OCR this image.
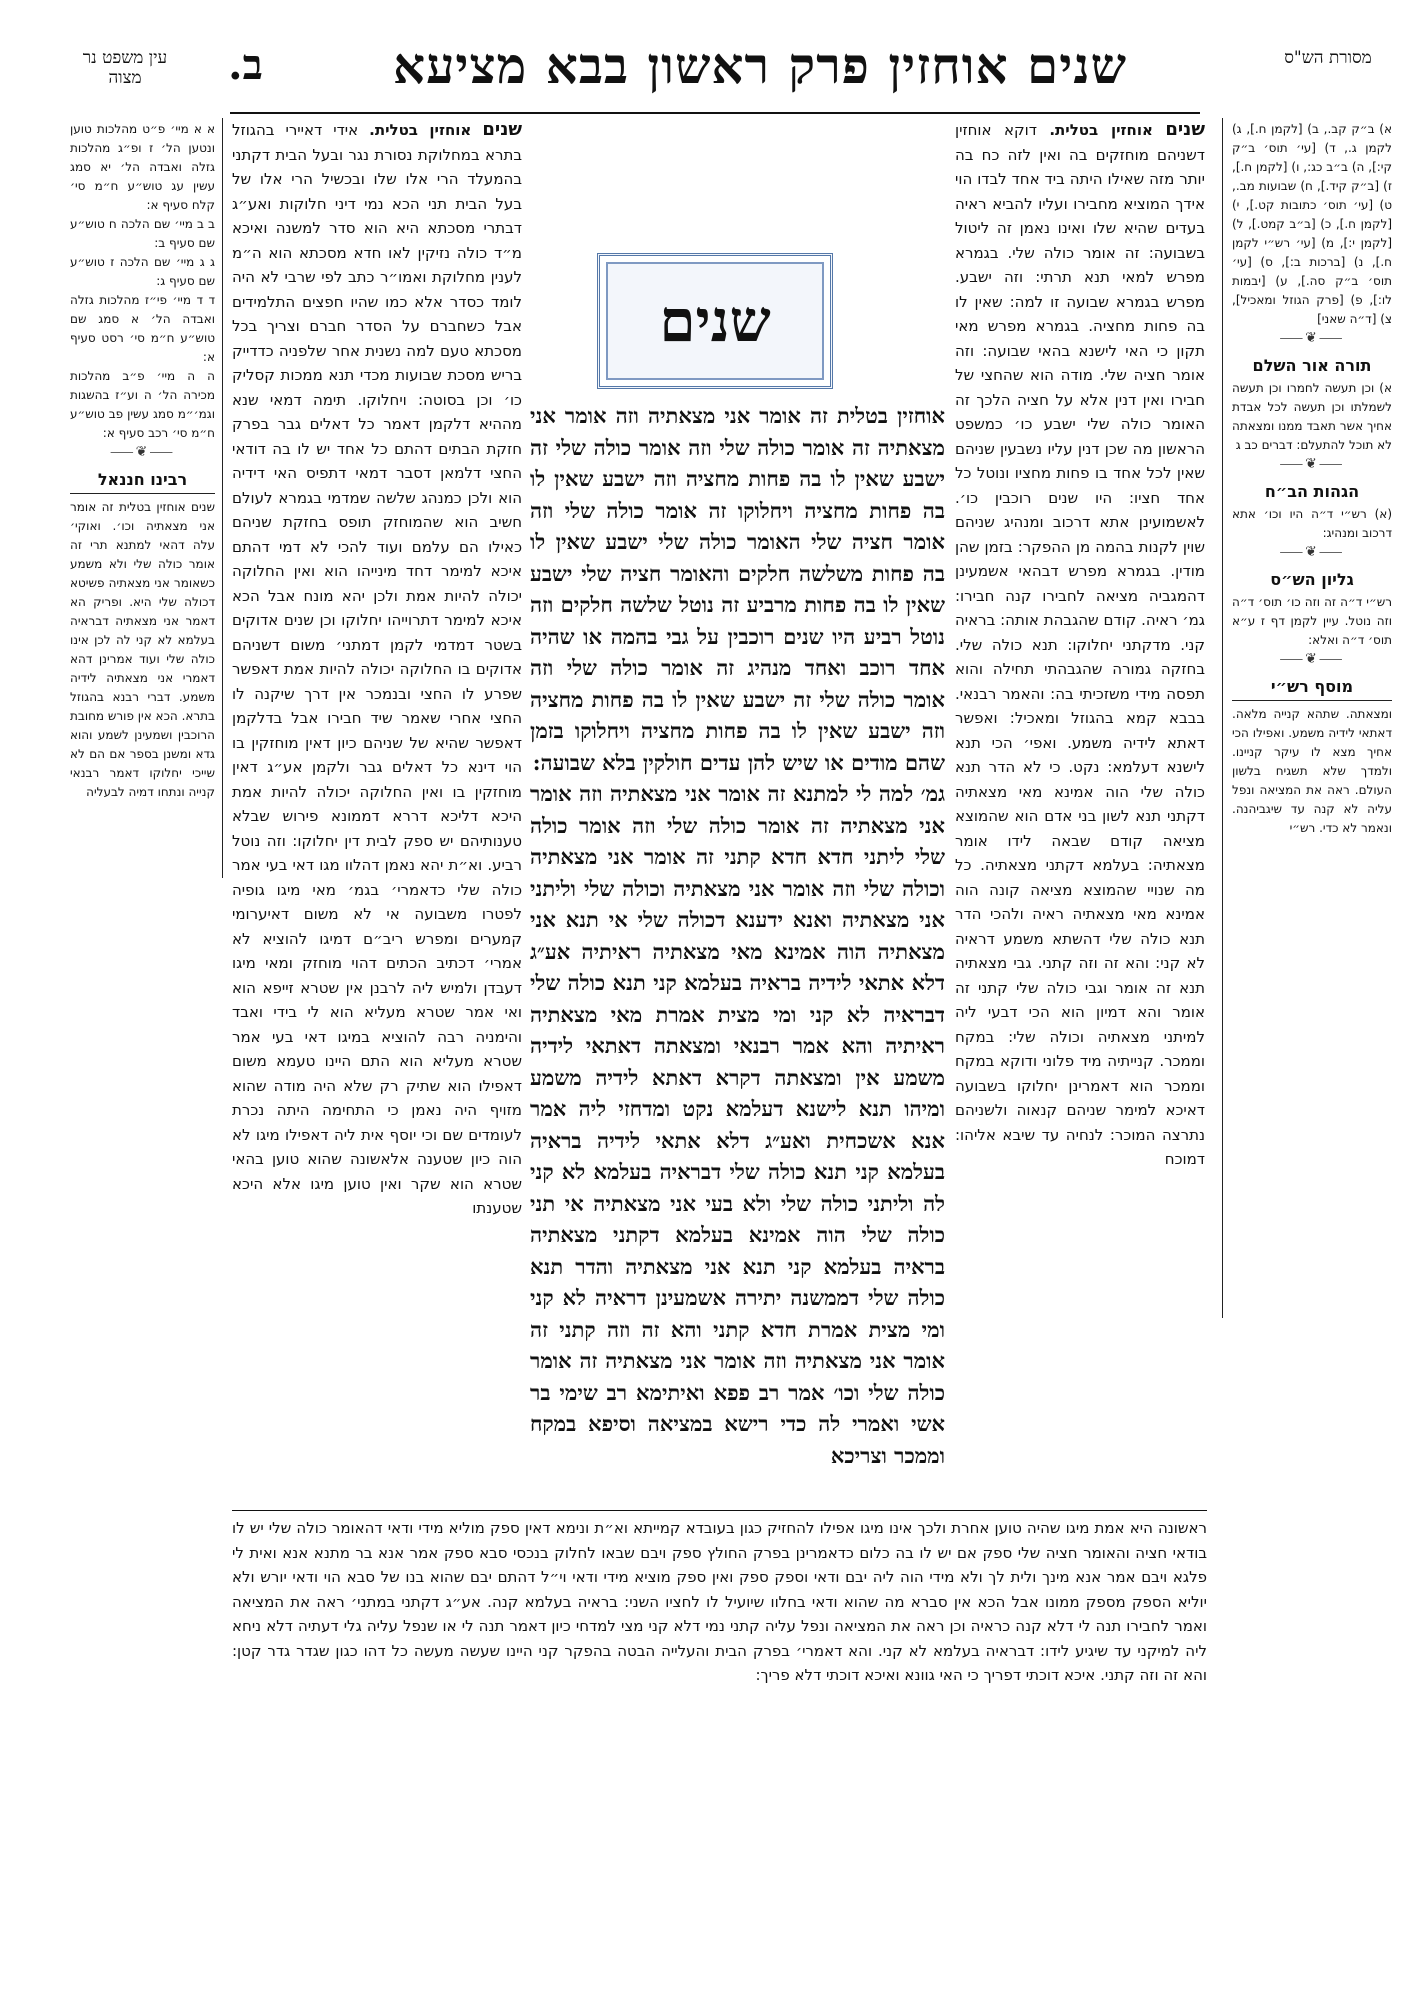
מסורת הש"ס
שנים אוחזין פרק ראשון בבא מציעא
ב.
עין משפט נר מצוה
שנים

שנים אוחזין בטלית. דוקא אוחזין דשניהם מוחזקים בה ואין לזה כח בה יותר מזה שאילו היתה ביד אחד לבדו הוי אידך המוציא מחבירו ועליו להביא ראיה בעדים שהיא שלו ואינו נאמן זה ליטול בשבועה: זה אומר כולה שלי. בגמרא מפרש למאי תנא תרתי: וזה ישבע. מפרש בגמרא שבועה זו למה: שאין לו בה פחות מחציה. בגמרא מפרש מאי תקון כי האי לישנא בהאי שבועה: וזה אומר חציה שלי. מודה הוא שהחצי של חבירו ואין דנין אלא על חציה הלכך זה האומר כולה שלי ישבע כו׳ כמשפט הראשון מה שכן דנין עליו נשבעין שניהם שאין לכל אחד בו פחות מחציו ונוטל כל אחד חציו: היו שנים רוכבין כו׳. לאשמועינן אתא דרכוב ומנהיג שניהם שוין לקנות בהמה מן ההפקר: בזמן שהן מודין. בגמרא מפרש דבהאי אשמעינן דהמגביה מציאה לחבירו קנה חבירו: גמ׳ ראיה. קודם שהגבהת אותה: בראיה קני. מדקתני יחלוקו: תנא כולה שלי. בחזקה גמורה שהגבהתי תחילה והוא תפסה מידי משזכיתי בה: והאמר רבנאי. בבבא קמא בהגוזל ומאכיל: ואפשר דאתא לידיה משמע. ואפי׳ הכי תנא לישנא דעלמא: נקט. כי לא הדר תנא כולה שלי הוה אמינא מאי מצאתיה דקתני תנא לשון בני אדם הוא שהמוצא מציאה קודם שבאה לידו אומר מצאתיה: בעלמא דקתני מצאתיה. כל מה שנויי שהמוצא מציאה קונה הוה אמינא מאי מצאתיה ראיה ולהכי הדר תנא כולה שלי דהשתא משמע דראיה לא קני: והא זה וזה קתני. גבי מצאתיה תנא זה אומר וגבי כולה שלי קתני זה אומר והא דמיון הוא הכי דבעי ליה למיתני מצאתיה וכולה שלי: במקח וממכר. קנייתיה מיד פלוני ודוקא במקח וממכר הוא דאמרינן יחלוקו בשבועה דאיכא למימר שניהם קנאוה ולשניהם נתרצה המוכר: לנחיה עד שיבא אליהו: דמוכח

שנים אוחזין בטלית. אידי דאיירי בהגוזל בתרא במחלוקת נסורת נגר ובעל הבית דקתני בהמעלד הרי אלו שלו ובכשיל הרי אלו של בעל הבית תני הכא נמי דיני חלוקות ואע״ג דבתרי מסכתא היא הוא סדר למשנה ואיכא מ״ד כולה נזיקין לאו חדא מסכתא הוא ה״מ לענין מחלוקת ואמו״ר כתב לפי שרבי לא היה לומד כסדר אלא כמו שהיו חפצים התלמידים אבל כשחברם על הסדר חברם וצריך בכל מסכתא טעם למה נשנית אחר שלפניה כדדייק בריש מסכת שבועות מכדי תנא ממכות קסליק כו׳ וכן בסוטה: ויחלוקו. תימה דמאי שנא מההיא דלקמן דאמר כל דאלים גבר בפרק חזקת הבתים דהתם כל אחד יש לו בה דודאי החצי דלמאן דסבר דמאי דתפיס האי דידיה הוא ולכן כמנהג שלשה שמדמי בגמרא לעולם חשיב הוא שהמוחזק תופס בחזקת שניהם כאילו הם עלמם ועוד להכי לא דמי דהתם איכא למימר דחד מינייהו הוא ואין החלוקה יכולה להיות אמת ולכן יהא מונח אבל הכא איכא למימר דתרוייהו יחלוקו וכן שנים אדוקים בשטר דמדמי לקמן דמתני׳ משום דשניהם אדוקים בו החלוקה יכולה להיות אמת דאפשר שפרע לו החצי ובנמכר אין דרך שיקנה לו החצי אחרי שאמר שיד חבירו אבל בדלקמן דאפשר שהיא של שניהם כיון דאין מוחזקין בו הוי דינא כל דאלים גבר ולקמן אע״ג דאין מוחזקין בו ואין החלוקה יכולה להיות אמת היכא דליכא דררא דממונא פירוש שבלא טענותיהם יש ספק לבית דין יחלוקו: וזה נוטל רביע. וא״ת יהא נאמן דהלוו מגו דאי בעי אמר כולה שלי כדאמרי׳ בגמ׳ מאי מיגו גופיה לפטרו משבועה אי לא משום דאיערומי קמערים ומפרש ריב״ם דמיגו להוציא לא אמרי׳ דכתיב הכתים דהוי מוחזק ומאי מיגו דעבדן ולמיש ליה לרבנן אין שטרא זייפא הוא ואי אמר שטרא מעליא הוא לי בידי ואבד והימניה רבה להוציא במיגו דאי בעי אמר שטרא מעליא הוא התם היינו טעמא משום דאפילו הוא שתיק רק שלא היה מודה שהוא מזויף היה נאמן כי התחימה היתה נכרת לעומדים שם וכי יוסף אית ליה דאפילו מיגו לא הוה כיון שטענה אלאשונה שהוא טוען בהאי שטרא הוא שקר ואין טוען מיגו אלא היכא שטענתו

אוחזין בטלית זה אומר אני מצאתיה וזה אומר אני מצאתיה זה אומר כולה שלי וזה אומר כולה שלי זה ישבע שאין לו בה פחות מחציה וזה ישבע שאין לו בה פחות מחציה ויחלוקו זה אומר כולה שלי וזה אומר חציה שלי האומר כולה שלי ישבע שאין לו בה פחות משלשה חלקים והאומר חציה שלי ישבע שאין לו בה פחות מרביע זה נוטל שלשה חלקים וזה נוטל רביע היו שנים רוכבין על גבי בהמה או שהיה אחד רוכב ואחד מנהיג זה אומר כולה שלי וזה אומר כולה שלי זה ישבע שאין לו בה פחות מחציה וזה ישבע שאין לו בה פחות מחציה ויחלוקו בזמן שהם מודים או שיש להן עדים חולקין בלא שבועה:

גמ׳ למה לי למתנא זה אומר אני מצאתיה וזה אומר אני מצאתיה זה אומר כולה שלי וזה אומר כולה שלי ליתני חדא חדא קתני זה אומר אני מצאתיה וכולה שלי וזה אומר אני מצאתיה וכולה שלי וליתני אני מצאתיה ואנא ידענא דכולה שלי אי תנא אני מצאתיה הוה אמינא מאי מצאתיה ראיתיה אע״ג דלא אתאי לידיה בראיה בעלמא קני תנא כולה שלי דבראיה לא קני ומי מצית אמרת מאי מצאתיה ראיתיה והא אמר רבנאי ומצאתה דאתאי לידיה משמע אין ומצאתה דקרא דאתא לידיה משמע ומיהו תנא לישנא דעלמא נקט ומדחזי ליה אמר אנא אשכחית ואע״ג דלא אתאי לידיה בראיה בעלמא קני תנא כולה שלי דבראיה בעלמא לא קני לה וליתני כולה שלי ולא בעי אני מצאתיה אי תני כולה שלי הוה אמינא בעלמא דקתני מצאתיה בראיה בעלמא קני תנא אני מצאתיה והדר תנא כולה שלי דממשנה יתירה אשמעינן דראיה לא קני ומי מצית אמרת חדא קתני והא זה וזה קתני זה אומר אני מצאתיה וזה אומר אני מצאתיה זה אומר כולה שלי וכו׳ אמר רב פפא ואיתימא רב שימי בר אשי ואמרי לה כדי רישא במציאה וסיפא במקח וממכר וצריכא

ראשונה היא אמת מיגו שהיה טוען אחרת ולכך אינו מיגו אפילו להחזיק כגון בעובדא קמייתא וא״ת ונימא דאין ספק מוליא מידי ודאי דהאומר כולה שלי יש לו בודאי חציה והאומר חציה שלי ספק אם יש לו בה כלום כדאמרינן בפרק החולץ ספק ויבם שבאו לחלוק בנכסי סבא ספק אמר אנא בר מתנא אנא ואית לי פלגא ויבם אמר אנא מינך ולית לך ולא מידי הוה ליה יבם ודאי וספק ספק ואין ספק מוציא מידי ודאי וי״ל דהתם יבם שהוא בנו של סבא הוי ודאי יורש ולא יוליא הספק מספק ממונו אבל הכא אין סברא מה שהוא ודאי בחלוו שיועיל לו לחציו השני: בראיה בעלמא קנה. אע״ג דקתני במתני׳ ראה את המציאה ואמר לחבירו תנה לי דלא קנה כראיה וכן ראה את המציאה ונפל עליה קתני נמי דלא קני מצי למדחי כיון דאמר תנה לי או שנפל עליה גלי דעתיה דלא ניחא ליה למיקני עד שיגיע לידו: דבראיה בעלמא לא קני. והא דאמרי׳ בפרק הבית והעלייה הבטה בהפקר קני היינו שעשה מעשה כל דהו כגון שגדר גדר קטן: והא זה וזה קתני. איכא דוכתי דפריך כי האי גוונא ואיכא דוכתי דלא פריך:

א) ב״ק קב., ב) [לקמן ח.], ג) לקמן ג., ד) [עי׳ תוס׳ ב״ק קי:], ה) ב״ב כג:, ו) [לקמן ח.], ז) [ב״ק קיד.], ח) שבועות מב., ט) [עי׳ תוס׳ כתובות קט.], י) [לקמן ח.], כ) [ב״ב קמט.], ל) [לקמן י:], מ) [עי׳ רש״י לקמן ח.], נ) [ברכות ב:], ס) [עי׳ תוס׳ ב״ק סה.], ע) [יבמות לו:], פ) [פרק הגוזל ומאכיל], צ) [ד״ה שאני]

⸺❦⸺
תורה אור השלם

א) וכן תעשה לחמרו וכן תעשה לשמלתו וכן תעשה לכל אבדת אחיך אשר תאבד ממנו ומצאתה לא תוכל להתעלם: דברים כב ג

⸺❦⸺
הגהות הב״ח

(א) רש״י ד״ה היו וכו׳ אתא דרכוב ומנהיג:

⸺❦⸺
גליון הש״ס

רש״י ד״ה זה וזה כו׳ תוס׳ ד״ה וזה נוטל. עיין לקמן דף ז ע״א תוס׳ ד״ה ואלא:

⸺❦⸺
מוסף רש״י

ומצאתה. שתהא קנייה מלאה. דאתאי לידיה משמע. ואפילו הכי אחיך מצא לו עיקר קניינו. ולמדך שלא תשגיח בלשון העולם. ראה את המציאה ונפל עליה לא קנה עד שיגביהנה. ונאמר לא כדי. רש״י

א א מיי׳ פ״ט מהלכות טוען ונטען הל׳ ז ופ״ג מהלכות גזלה ואבדה הל׳ יא סמג עשין עג טוש״ע ח״מ סי׳ קלח סעיף א:

ב ב מיי׳ שם הלכה ח טוש״ע שם סעיף ב:

ג ג מיי׳ שם הלכה ז טוש״ע שם סעיף ג:

ד ד מיי׳ פי״ז מהלכות גזלה ואבדה הל׳ א סמג שם טוש״ע ח״מ סי׳ רסט סעיף א:

ה ה מיי׳ פ״ב מהלכות מכירה הל׳ ה וע״ז בהשגות וגמ׳״מ סמג עשין פב טוש״ע ח״מ סי׳ רכב סעיף א:

⸺❦⸺
רבינו חננאל

שנים אוחזין בטלית זה אומר אני מצאתיה וכו׳. ואוקי׳ עלה דהאי למתנא תרי זה אומר כולה שלי ולא משמע כשאומר אני מצאתיה פשיטא דכולה שלי היא. ופריק הא דאמר אני מצאתיה דבראיה בעלמא לא קני לה לכן אינו כולה שלי ועוד אמרינן דהא דאמרי אני מצאתיה לידיה משמע. דברי רבנא בהגוזל בתרא. הכא אין פורש מחובת הרוכבין ושמעינן לשמע והוא גדא ומשנן בספר אם הם לא שייכי יחלוקו דאמר רבנאי קנייה ונתחו דמיה לבעליה
